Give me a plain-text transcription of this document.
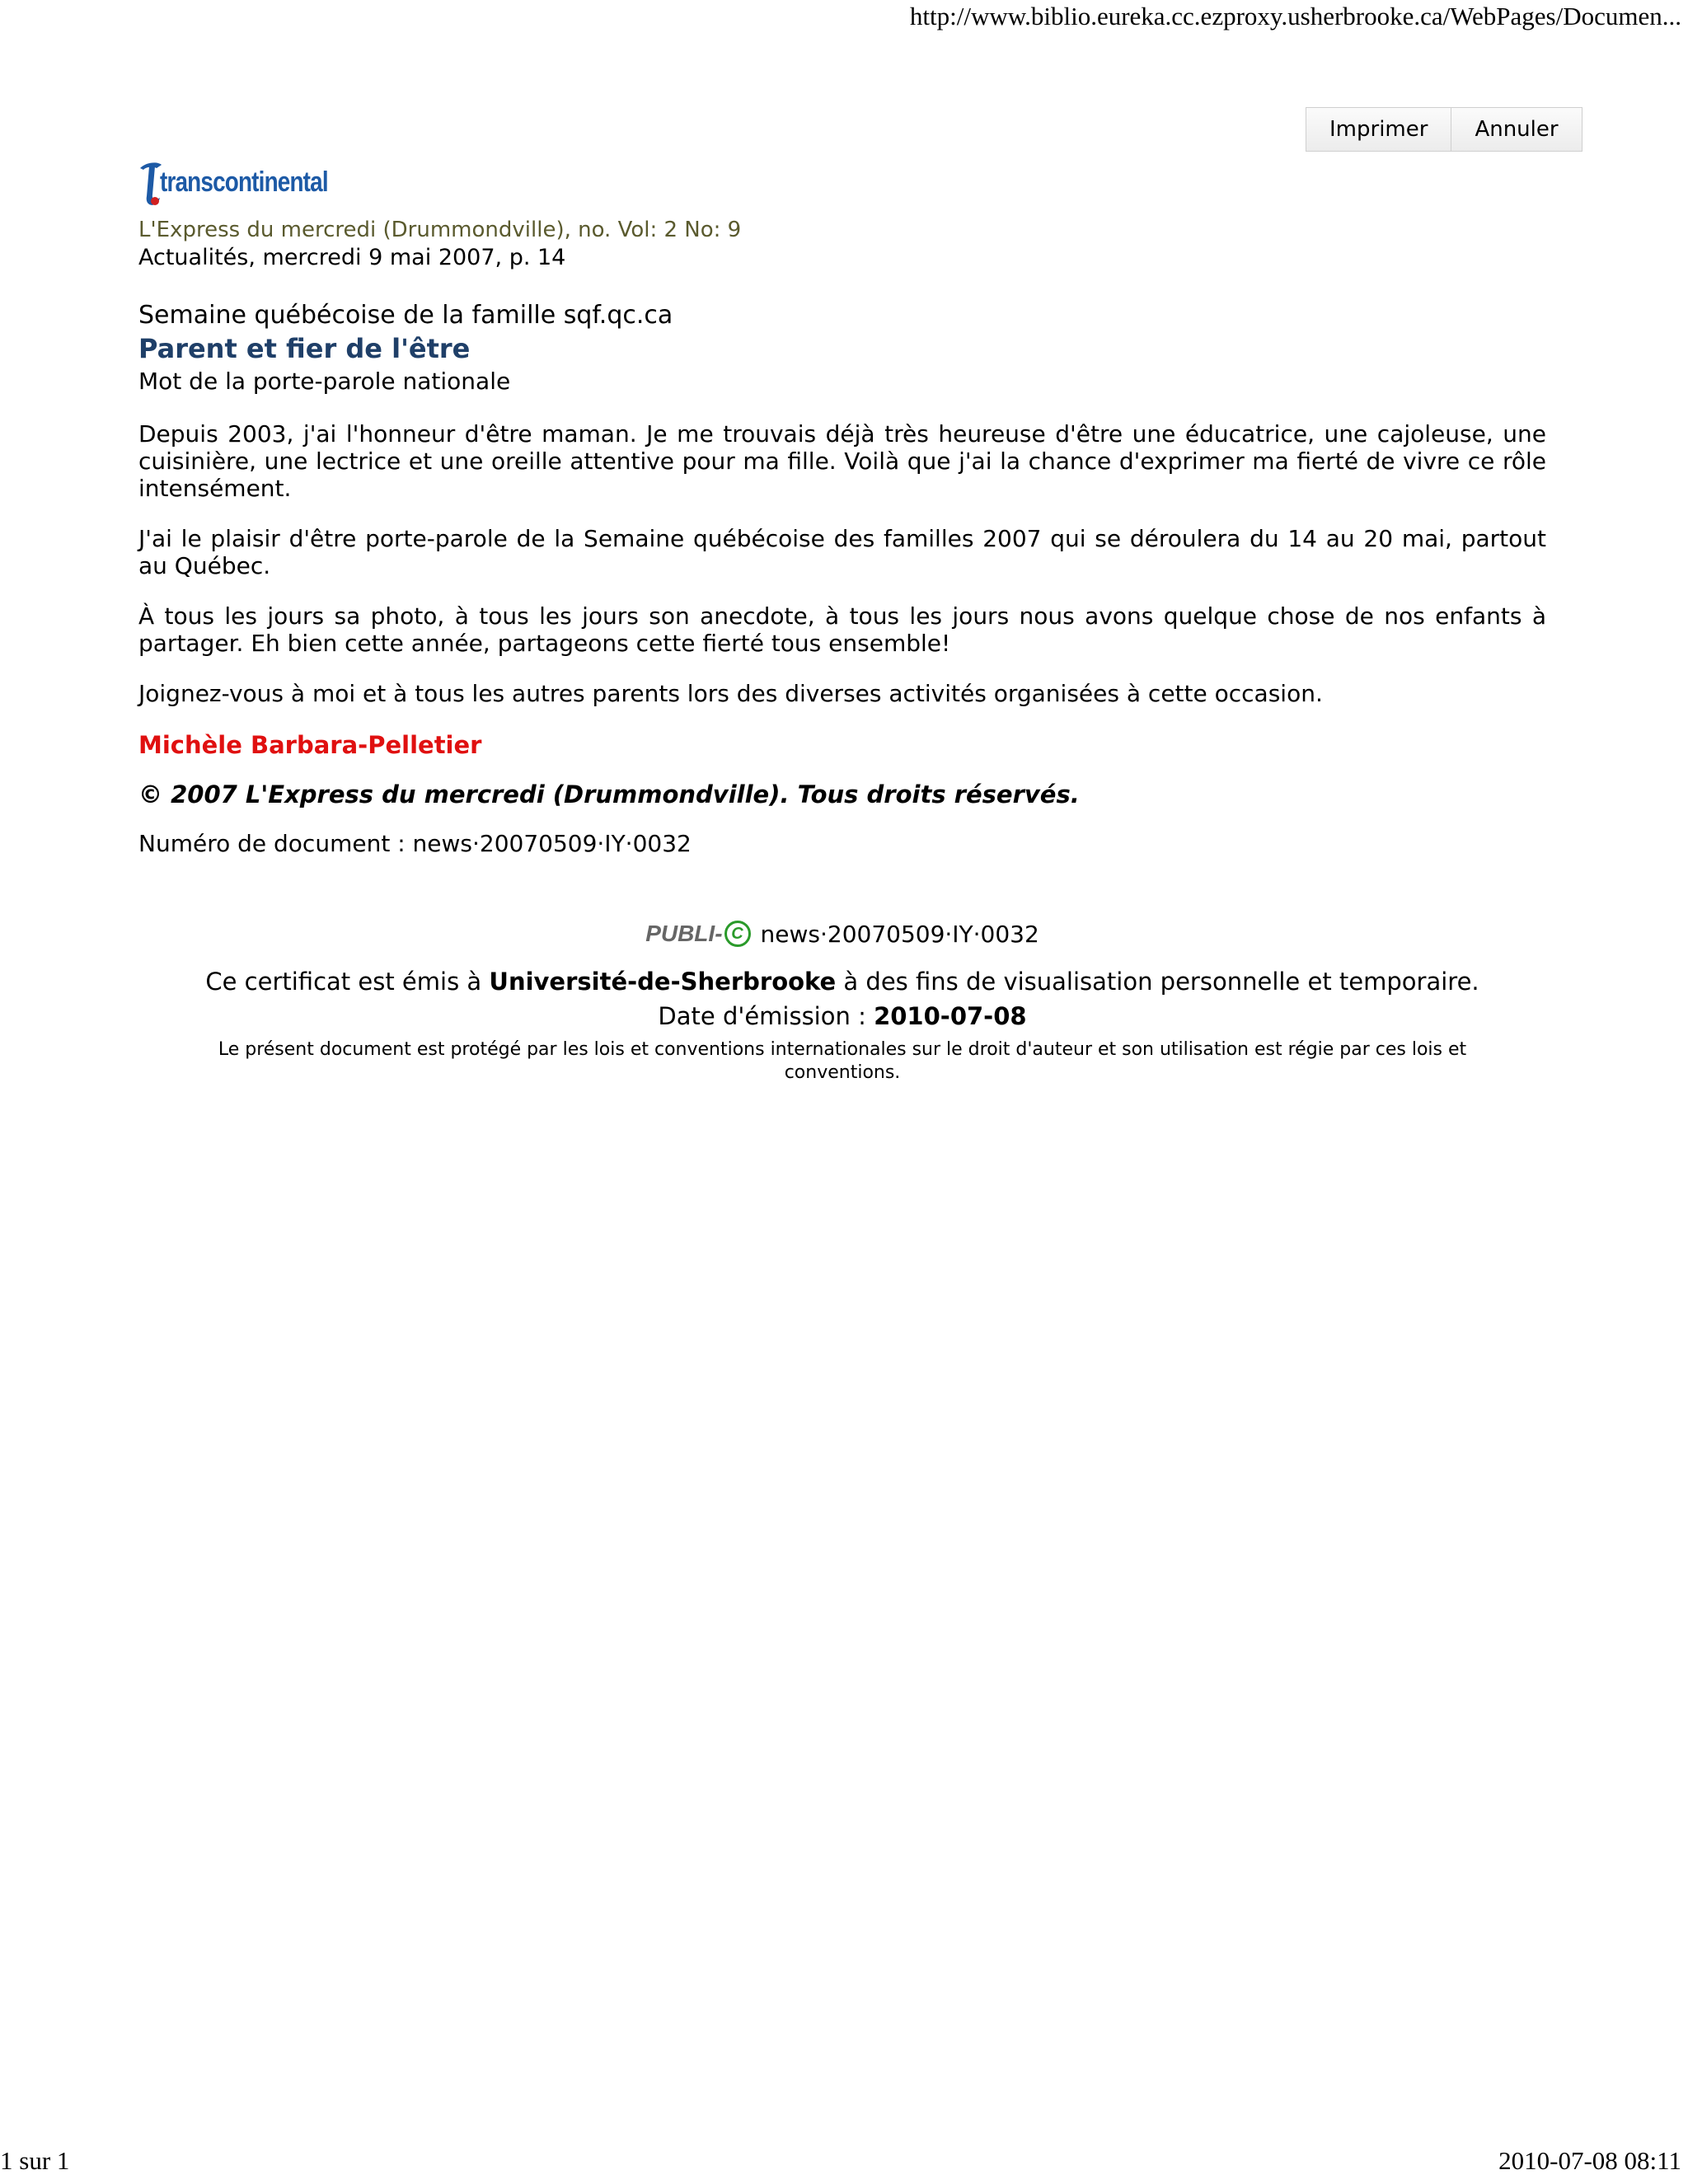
http://www.biblio.eureka.cc.ezproxy.usherbrooke.ca/WebPages/Documen...
Imprimer	Annuler
transcontinental
L'Express du mercredi (Drummondville), no. Vol: 2 No: 9
Actualités, mercredi 9 mai 2007, p. 14
Semaine québécoise de la famille sqf.qc.ca
Parent et fier de l'être
Mot de la porte-parole nationale

Depuis 2003, j'ai l'honneur d'être maman. Je me trouvais déjà très heureuse d'être une éducatrice, une cajoleuse, une cuisinière, une lectrice et une oreille attentive pour ma fille. Voilà que j'ai la chance d'exprimer ma fierté de vivre ce rôle intensément.

J'ai le plaisir d'être porte-parole de la Semaine québécoise des familles 2007 qui se déroulera du 14 au 20 mai, partout au Québec.

À tous les jours sa photo, à tous les jours son anecdote, à tous les jours nous avons quelque chose de nos enfants à partager. Eh bien cette année, partageons cette fierté tous ensemble!

Joignez-vous à moi et à tous les autres parents lors des diverses activités organisées à cette occasion.

Michèle Barbara-Pelletier
© 2007 L'Express du mercredi (Drummondville). Tous droits réservés.
Numéro de document : news·20070509·IY·0032
PUBLI- C news·20070509·IY·0032
Ce certificat est émis à Université-de-Sherbrooke à des fins de visualisation personnelle et temporaire.
Date d'émission : 2010-07-08
Le présent document est protégé par les lois et conventions internationales sur le droit d'auteur et son utilisation est régie par ces lois et conventions.
1 sur 1	2010-07-08 08:11
